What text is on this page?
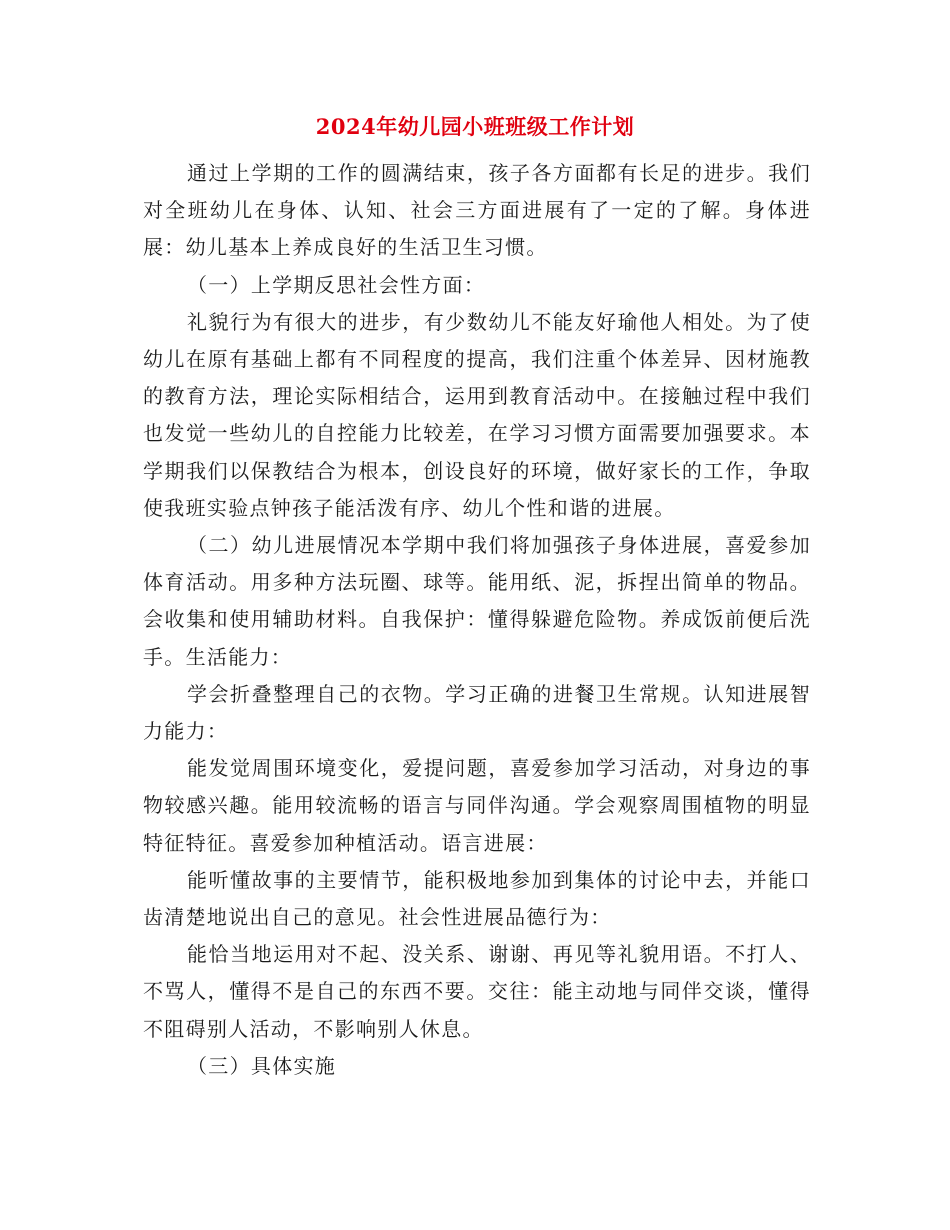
2024年幼儿园小班班级工作计划

通过上学期的工作的圆满结束，孩子各方面都有长足的进步。我们对全班幼儿在身体、认知、社会三方面进展有了一定的了解。身体进展：幼儿基本上养成良好的生活卫生习惯。

（一）上学期反思社会性方面：

礼貌行为有很大的进步，有少数幼儿不能友好瑜他人相处。为了使幼儿在原有基础上都有不同程度的提高，我们注重个体差异、因材施教的教育方法，理论实际相结合，运用到教育活动中。在接触过程中我们也发觉一些幼儿的自控能力比较差，在学习习惯方面需要加强要求。本学期我们以保教结合为根本，创设良好的环境，做好家长的工作，争取使我班实验点钟孩子能活泼有序、幼儿个性和谐的进展。

（二）幼儿进展情况本学期中我们将加强孩子身体进展，喜爱参加体育活动。用多种方法玩圈、球等。能用纸、泥，拆捏出简单的物品。会收集和使用辅助材料。自我保护：懂得躲避危险物。养成饭前便后洗手。生活能力：

学会折叠整理自己的衣物。学习正确的进餐卫生常规。认知进展智力能力：

能发觉周围环境变化，爱提问题，喜爱参加学习活动，对身边的事物较感兴趣。能用较流畅的语言与同伴沟通。学会观察周围植物的明显特征特征。喜爱参加种植活动。语言进展：

能听懂故事的主要情节，能积极地参加到集体的讨论中去，并能口齿清楚地说出自己的意见。社会性进展品德行为：

能恰当地运用对不起、没关系、谢谢、再见等礼貌用语。不打人、不骂人，懂得不是自己的东西不要。交往：能主动地与同伴交谈，懂得不阻碍别人活动，不影响别人休息。

（三）具体实施
